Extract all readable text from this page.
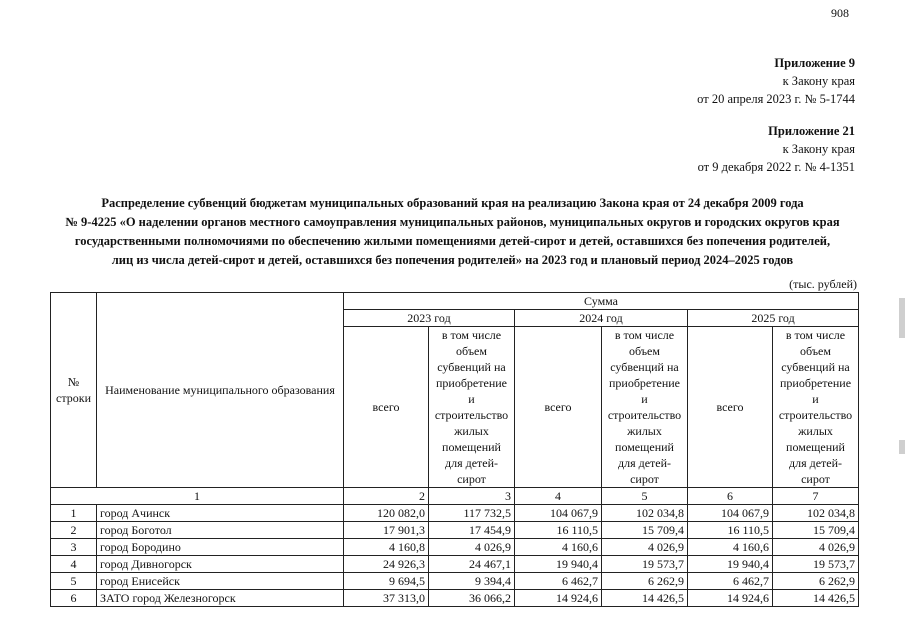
908
Приложение 9
к Закону края
от 20 апреля 2023 г. № 5-1744
Приложение 21
к Закону края
от 9 декабря 2022 г. № 4-1351
Распределение субвенций бюджетам муниципальных образований края на реализацию Закона края от 24 декабря 2009 года
№ 9-4225 «О наделении органов местного самоуправления муниципальных районов, муниципальных округов и городских округов края
государственными полномочиями по обеспечению жилыми помещениями детей-сирот и детей, оставшихся без попечения родителей,
лиц из числа детей-сирот и детей, оставшихся без попечения родителей» на 2023 год и плановый период 2024–2025 годов
(тыс. рублей)
№ строки	Наименование муниципального образования	Сумма					
		2023 год		2024 год		2025 год	
		всего	в том числе объем субвенций на приобретение и строительство жилых помещений для детей-сирот	всего	в том числе объем субвенций на приобретение и строительство жилых помещений для детей-сирот	всего	в том числе объем субвенций на приобретение и строительство жилых помещений для детей-сирот
1		2	3	4	5	6	7
1	город Ачинск	120 082,0	117 732,5	104 067,9	102 034,8	104 067,9	102 034,8
2	город Боготол	17 901,3	17 454,9	16 110,5	15 709,4	16 110,5	15 709,4
3	город Бородино	4 160,8	4 026,9	4 160,6	4 026,9	4 160,6	4 026,9
4	город Дивногорск	24 926,3	24 467,1	19 940,4	19 573,7	19 940,4	19 573,7
5	город Енисейск	9 694,5	9 394,4	6 462,7	6 262,9	6 462,7	6 262,9
6	ЗАТО город Железногорск	37 313,0	36 066,2	14 924,6	14 426,5	14 924,6	14 426,5
